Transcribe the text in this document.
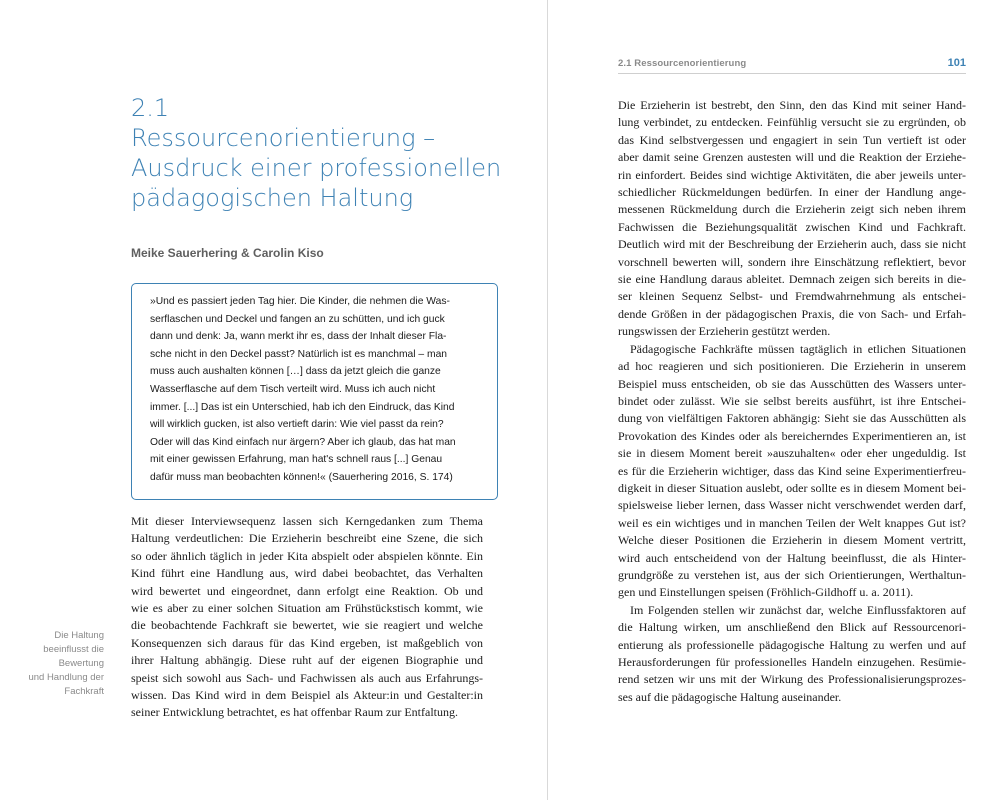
2.1
Ressourcenorientierung –
Ausdruck einer professionellen
pädagogischen Haltung
Meike Sauerhering & Carolin Kiso
»Und es passiert jeden Tag hier. Die Kinder, die nehmen die Was-
serflaschen und Deckel und fangen an zu schütten, und ich guck
dann und denk: Ja, wann merkt ihr es, dass der Inhalt dieser Fla-
sche nicht in den Deckel passt? Natürlich ist es manchmal – man
muss auch aushalten können […] dass da jetzt gleich die ganze
Wasserflasche auf dem Tisch verteilt wird. Muss ich auch nicht
immer. [...] Das ist ein Unterschied, hab ich den Eindruck, das Kind
will wirklich gucken, ist also vertieft darin: Wie viel passt da rein?
Oder will das Kind einfach nur ärgern? Aber ich glaub, das hat man
mit einer gewissen Erfahrung, man hat's schnell raus [...] Genau
dafür muss man beobachten können!« (Sauerhering 2016, S. 174)
Mit dieser Interviewsequenz lassen sich Kerngedanken zum Thema
Haltung verdeutlichen: Die Erzieherin beschreibt eine Szene, die sich
so oder ähnlich täglich in jeder Kita abspielt oder abspielen könnte. Ein
Kind führt eine Handlung aus, wird dabei beobachtet, das Verhalten
wird bewertet und eingeordnet, dann erfolgt eine Reaktion. Ob und
wie es aber zu einer solchen Situation am Frühstückstisch kommt, wie
die beobachtende Fachkraft sie bewertet, wie sie reagiert und welche
Konsequenzen sich daraus für das Kind ergeben, ist maßgeblich von
ihrer Haltung abhängig. Diese ruht auf der eigenen Biographie und
speist sich sowohl aus Sach- und Fachwissen als auch aus Erfahrungs-
wissen. Das Kind wird in dem Beispiel als Akteur:in und Gestalter:in
seiner Entwicklung betrachtet, es hat offenbar Raum zur Entfaltung.
Die Haltung
beeinflusst die
Bewertung
und Handlung der
Fachkraft
2.1 Ressourcenorientierung	101
Die Erzieherin ist bestrebt, den Sinn, den das Kind mit seiner Hand-
lung verbindet, zu entdecken. Feinfühlig versucht sie zu ergründen, ob
das Kind selbstvergessen und engagiert in sein Tun vertieft ist oder
aber damit seine Grenzen austesten will und die Reaktion der Erziehe-
rin einfordert. Beides sind wichtige Aktivitäten, die aber jeweils unter-
schiedlicher Rückmeldungen bedürfen. In einer der Handlung ange-
messenen Rückmeldung durch die Erzieherin zeigt sich neben ihrem
Fachwissen die Beziehungsqualität zwischen Kind und Fachkraft.
Deutlich wird mit der Beschreibung der Erzieherin auch, dass sie nicht
vorschnell bewerten will, sondern ihre Einschätzung reflektiert, bevor
sie eine Handlung daraus ableitet. Demnach zeigen sich bereits in die-
ser kleinen Sequenz Selbst- und Fremdwahrnehmung als entschei-
dende Größen in der pädagogischen Praxis, die von Sach- und Erfah-
rungswissen der Erzieherin gestützt werden.
Pädagogische Fachkräfte müssen tagtäglich in etlichen Situationen
ad hoc reagieren und sich positionieren. Die Erzieherin in unserem
Beispiel muss entscheiden, ob sie das Ausschütten des Wassers unter-
bindet oder zulässt. Wie sie selbst bereits ausführt, ist ihre Entschei-
dung von vielfältigen Faktoren abhängig: Sieht sie das Ausschütten als
Provokation des Kindes oder als bereicherndes Experimentieren an, ist
sie in diesem Moment bereit »auszuhalten« oder eher ungeduldig. Ist
es für die Erzieherin wichtiger, dass das Kind seine Experimentierfreu-
digkeit in dieser Situation auslebt, oder sollte es in diesem Moment bei-
spielsweise lieber lernen, dass Wasser nicht verschwendet werden darf,
weil es ein wichtiges und in manchen Teilen der Welt knappes Gut ist?
Welche dieser Positionen die Erzieherin in diesem Moment vertritt,
wird auch entscheidend von der Haltung beeinflusst, die als Hinter-
grundgröße zu verstehen ist, aus der sich Orientierungen, Werthaltun-
gen und Einstellungen speisen (Fröhlich-Gildhoff u. a. 2011).
Im Folgenden stellen wir zunächst dar, welche Einflussfaktoren auf
die Haltung wirken, um anschließend den Blick auf Ressourcenori-
entierung als professionelle pädagogische Haltung zu werfen und auf
Herausforderungen für professionelles Handeln einzugehen. Resümie-
rend setzen wir uns mit der Wirkung des Professionalisierungsprozes-
ses auf die pädagogische Haltung auseinander.
